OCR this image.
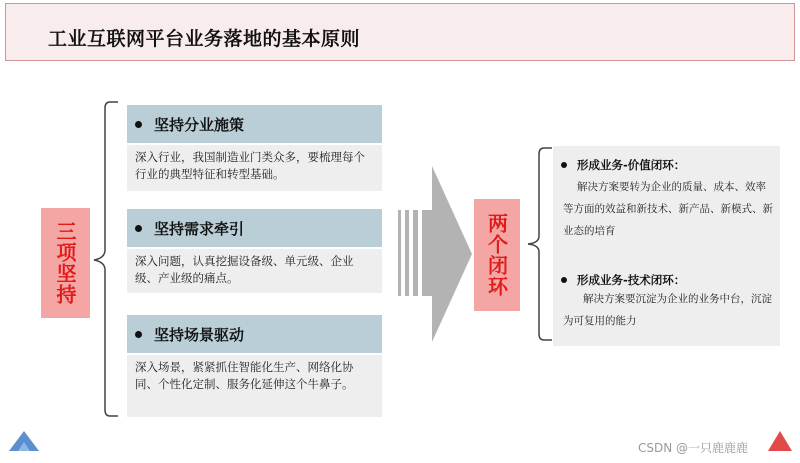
工业互联网平台业务落地的基本原则
三项坚持
坚持分业施策
深入行业，我国制造业门类众多，要梳理每个行业的典型特征和转型基础。
坚持需求牵引
深入问题，认真挖掘设备级、单元级、企业级、产业级的痛点。
坚持场景驱动
深入场景，紧紧抓住智能化生产、网络化协同、个性化定制、服务化延伸这个牛鼻子。
两个闭环
形成业务-价值闭环：
解决方案要转为企业的质量、成本、效率等方面的效益和新技术、新产品、新模式、新业态的培育
形成业务-技术闭环：
解决方案要沉淀为企业的业务中台，沉淀为可复用的能力
CSDN @一只鹿鹿鹿
